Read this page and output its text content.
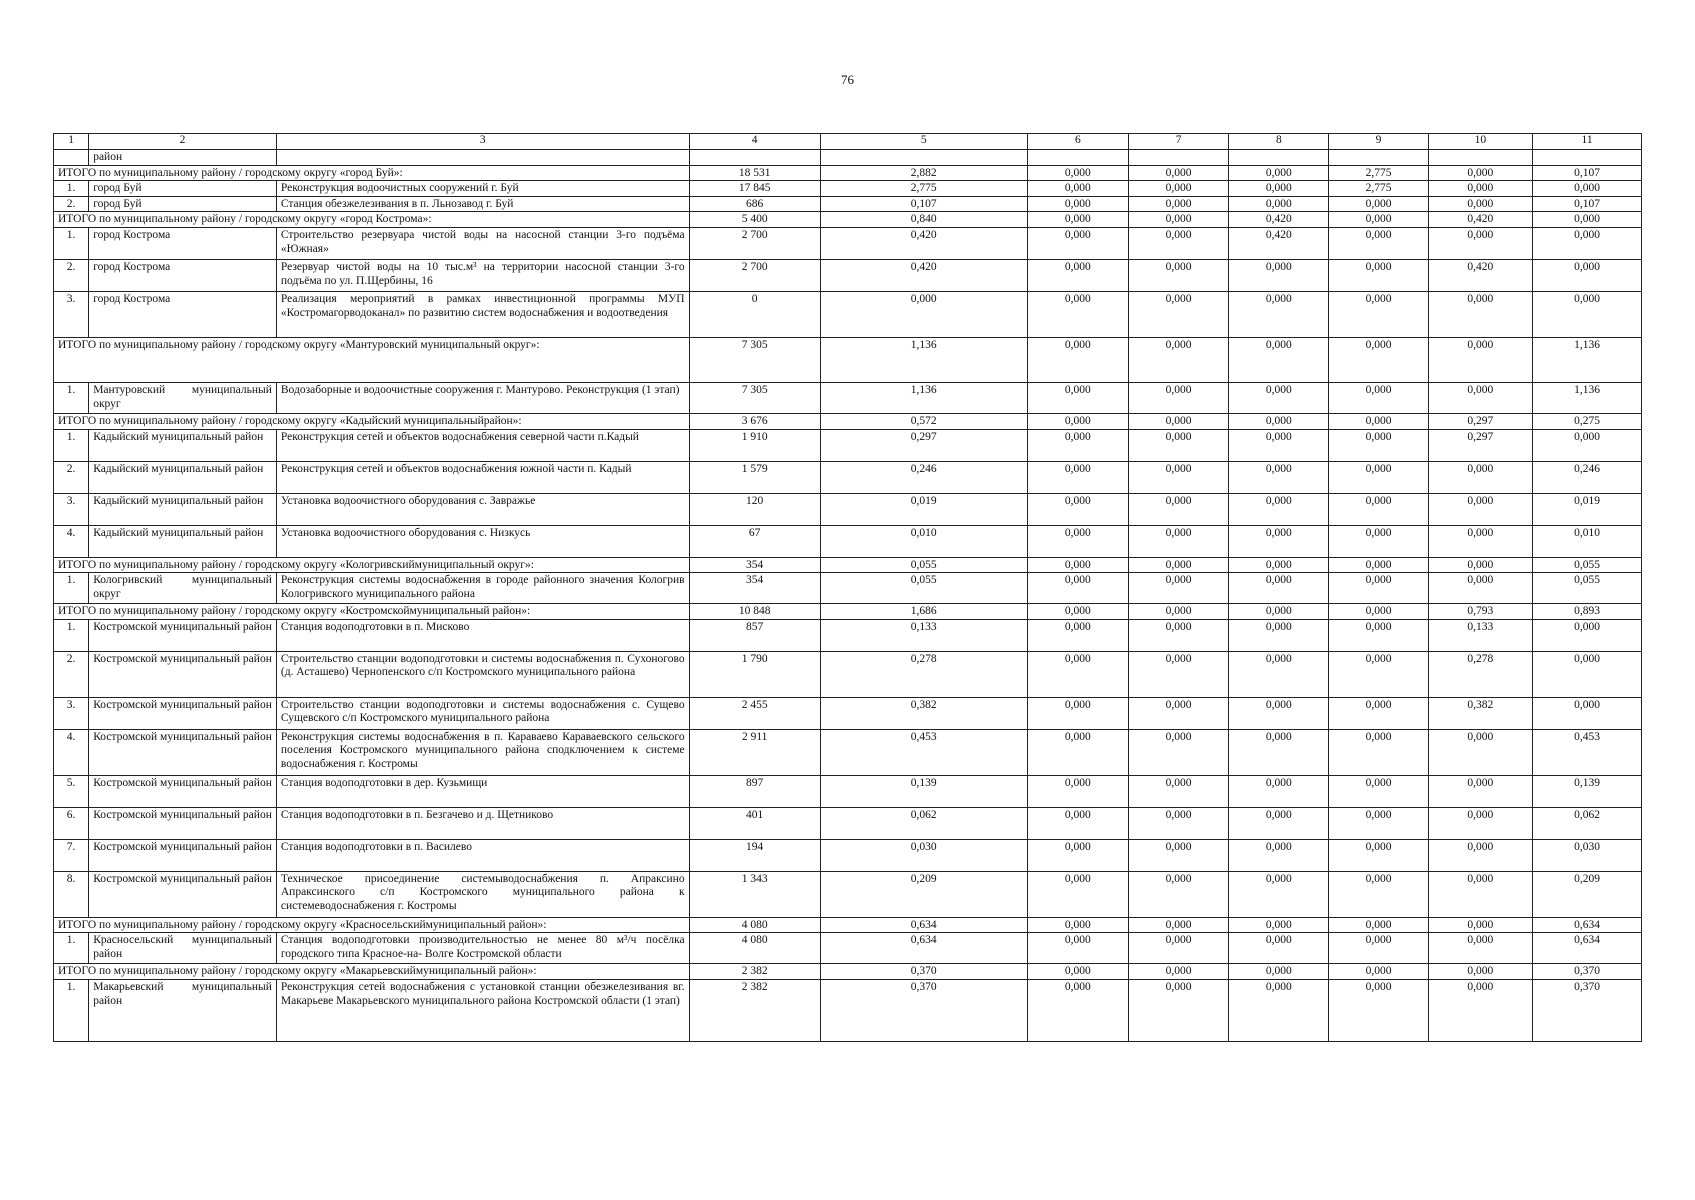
76
1	2	3	4	5	6	7	8	9	10	11
	район									
ИТОГО по муниципальному району / городскому округу «город Буй»:			18 531	2,882	0,000	0,000	0,000	2,775	0,000	0,107
1.	город Буй	Реконструкция водоочистных сооружений г. Буй	17 845	2,775	0,000	0,000	0,000	2,775	0,000	0,000
2.	город Буй	Станция обезжелезивания в п. Льнозавод г. Буй	686	0,107	0,000	0,000	0,000	0,000	0,000	0,107
ИТОГО по муниципальному району / городскому округу «город Кострома»:			5 400	0,840	0,000	0,000	0,420	0,000	0,420	0,000
1.	город Кострома	Строительство резервуара чистой воды на насосной станции 3-го подъёма «Южная»	2 700	0,420	0,000	0,000	0,420	0,000	0,000	0,000
2.	город Кострома	Резервуар чистой воды на 10 тыс.м³ на территории насосной станции 3-го подъёма по ул. П.Щербины, 16	2 700	0,420	0,000	0,000	0,000	0,000	0,420	0,000
3.	город Кострома	Реализация мероприятий в рамках инвестиционной программы МУП «Костромагорводоканал» по развитию систем водоснабжения и водоотведения	0	0,000	0,000	0,000	0,000	0,000	0,000	0,000
ИТОГО по муниципальному району / городскому округу «Мантуровский муниципальный округ»:			7 305	1,136	0,000	0,000	0,000	0,000	0,000	1,136
1.	Мантуровский муниципальный округ	Водозаборные и водоочистные сооружения г. Мантурово. Реконструкция (1 этап)	7 305	1,136	0,000	0,000	0,000	0,000	0,000	1,136
ИТОГО по муниципальному району / городскому округу «Кадыйский муниципальныйрайон»:			3 676	0,572	0,000	0,000	0,000	0,000	0,297	0,275
1.	Кадыйский муниципальный район	Реконструкция сетей и объектов водоснабжения северной части п.Кадый	1 910	0,297	0,000	0,000	0,000	0,000	0,297	0,000
2.	Кадыйский муниципальный район	Реконструкция сетей и объектов водоснабжения южной части п. Кадый	1 579	0,246	0,000	0,000	0,000	0,000	0,000	0,246
3.	Кадыйский муниципальный район	Установка водоочистного оборудования с. Завражье	120	0,019	0,000	0,000	0,000	0,000	0,000	0,019
4.	Кадыйский муниципальный район	Установка водоочистного оборудования с. Низкусь	67	0,010	0,000	0,000	0,000	0,000	0,000	0,010
ИТОГО по муниципальному району / городскому округу «Кологривскиймуниципальный округ»:			354	0,055	0,000	0,000	0,000	0,000	0,000	0,055
1.	Кологривский муниципальный округ	Реконструкция системы водоснабжения в городе районного значения Кологрив Кологривского муниципального района	354	0,055	0,000	0,000	0,000	0,000	0,000	0,055
ИТОГО по муниципальному району / городскому округу «Костромскоймуниципальный район»:			10 848	1,686	0,000	0,000	0,000	0,000	0,793	0,893
1.	Костромской муниципальный район	Станция водоподготовки в п. Мисково	857	0,133	0,000	0,000	0,000	0,000	0,133	0,000
2.	Костромской муниципальный район	Строительство станции водоподготовки и системы водоснабжения п. Сухоногово (д. Асташево) Чернопенского с/п Костромского муниципального района	1 790	0,278	0,000	0,000	0,000	0,000	0,278	0,000
3.	Костромской муниципальный район	Строительство станции водоподготовки и системы водоснабжения с. Сущево Сущевского с/п Костромского муниципального района	2 455	0,382	0,000	0,000	0,000	0,000	0,382	0,000
4.	Костромской муниципальный район	Реконструкция системы водоснабжения в п. Караваево Караваевского сельского поселения Костромского муниципального района сподключением к системе водоснабжения г. Костромы	2 911	0,453	0,000	0,000	0,000	0,000	0,000	0,453
5.	Костромской муниципальный район	Станция водоподготовки в дер. Кузьмищи	897	0,139	0,000	0,000	0,000	0,000	0,000	0,139
6.	Костромской муниципальный район	Станция водоподготовки в п. Безгачево и д. Щетниково	401	0,062	0,000	0,000	0,000	0,000	0,000	0,062
7.	Костромской муниципальный район	Станция водоподготовки в п. Василево	194	0,030	0,000	0,000	0,000	0,000	0,000	0,030
8.	Костромской муниципальный район	Техническое присоединение системыводоснабжения п. Апраксино Апраксинского с/п Костромского муниципального района к системеводоснабжения г. Костромы	1 343	0,209	0,000	0,000	0,000	0,000	0,000	0,209
ИТОГО по муниципальному району / городскому округу «Красносельскиймуниципальный район»:			4 080	0,634	0,000	0,000	0,000	0,000	0,000	0,634
1.	Красносельский муниципальный район	Станция водоподготовки производительностью не менее 80 м³/ч посёлка городского типа Красное-на- Волге Костромской области	4 080	0,634	0,000	0,000	0,000	0,000	0,000	0,634
ИТОГО по муниципальному району / городскому округу «Макарьевскиймуниципальный район»:			2 382	0,370	0,000	0,000	0,000	0,000	0,000	0,370
1.	Макарьевский муниципальный район	Реконструкция сетей водоснабжения с установкой станции обезжелезивания вг. Макарьеве Макарьевского муниципального района Костромской области (1 этап)	2 382	0,370	0,000	0,000	0,000	0,000	0,000	0,370
